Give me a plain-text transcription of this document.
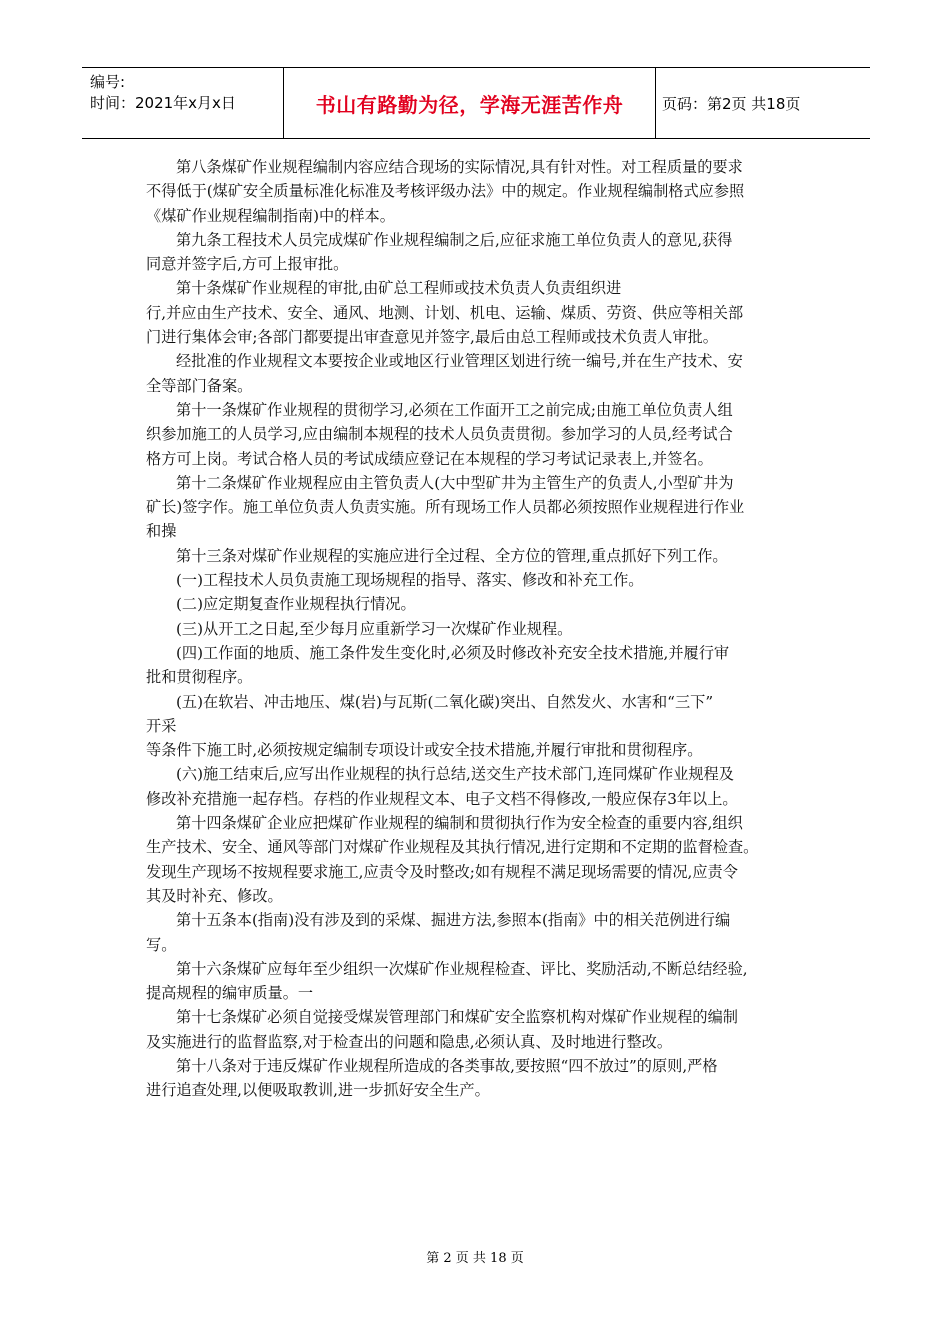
编号:
时间：2021年x月x日	书山有路勤为径，学海无涯苦作舟	页码：第2页 共18页
第八条煤矿作业规程编制内容应结合现场的实际情况,具有针对性。对工程质量的要求
不得低于(煤矿安全质量标准化标准及考核评级办法》中的规定。作业规程编制格式应参照
《煤矿作业规程编制指南)中的样本。
第九条工程技术人员完成煤矿作业规程编制之后,应征求施工单位负责人的意见,获得
同意并签字后,方可上报审批。
第十条煤矿作业规程的审批,由矿总工程师或技术负责人负责组织进
行,并应由生产技术、安全、通风、地测、计划、机电、运输、煤质、劳资、供应等相关部
门进行集体会审;各部门都要提出审查意见并签字,最后由总工程师或技术负责人审批。
经批准的作业规程文本要按企业或地区行业管理区划进行统一编号,并在生产技术、安
全等部门备案。
第十一条煤矿作业规程的贯彻学习,必须在工作面开工之前完成;由施工单位负责人组
织参加施工的人员学习,应由编制本规程的技术人员负责贯彻。参加学习的人员,经考试合
格方可上岗。考试合格人员的考试成绩应登记在本规程的学习考试记录表上,并签名。
第十二条煤矿作业规程应由主管负责人(大中型矿井为主管生产的负责人,小型矿井为
矿长)签字作。施工单位负责人负责实施。所有现场工作人员都必须按照作业规程进行作业
和操
第十三条对煤矿作业规程的实施应进行全过程、全方位的管理,重点抓好下列工作。
(一)工程技术人员负责施工现场规程的指导、落实、修改和补充工作。
(二)应定期复查作业规程执行情况。
(三)从开工之日起,至少每月应重新学习一次煤矿作业规程。
(四)工作面的地质、施工条件发生变化时,必须及时修改补充安全技术措施,并履行审
批和贯彻程序。
(五)在软岩、冲击地压、煤(岩)与瓦斯(二氧化碳)突出、自然发火、水害和“三下”
开采
等条件下施工时,必须按规定编制专项设计或安全技术措施,并履行审批和贯彻程序。
(六)施工结束后,应写出作业规程的执行总结,送交生产技术部门,连同煤矿作业规程及
修改补充措施一起存档。存档的作业规程文本、电子文档不得修改,一般应保存3年以上。
第十四条煤矿企业应把煤矿作业规程的编制和贯彻执行作为安全检查的重要内容,组织
生产技术、安全、通风等部门对煤矿作业规程及其执行情况,进行定期和不定期的监督检查。
发现生产现场不按规程要求施工,应责令及时整改;如有规程不满足现场需要的情况,应责令
其及时补充、修改。
第十五条本(指南)没有涉及到的采煤、掘进方法,参照本(指南》中的相关范例进行编
写。
第十六条煤矿应每年至少组织一次煤矿作业规程检查、评比、奖励活动,不断总结经验,
提高规程的编审质量。一
第十七条煤矿必须自觉接受煤炭管理部门和煤矿安全监察机构对煤矿作业规程的编制
及实施进行的监督监察,对于检查出的问题和隐患,必须认真、及时地进行整改。
第十八条对于违反煤矿作业规程所造成的各类事故,要按照“四不放过”的原则,严格
进行追查处理,以便吸取教训,进一步抓好安全生产。
第 2 页 共 18 页
